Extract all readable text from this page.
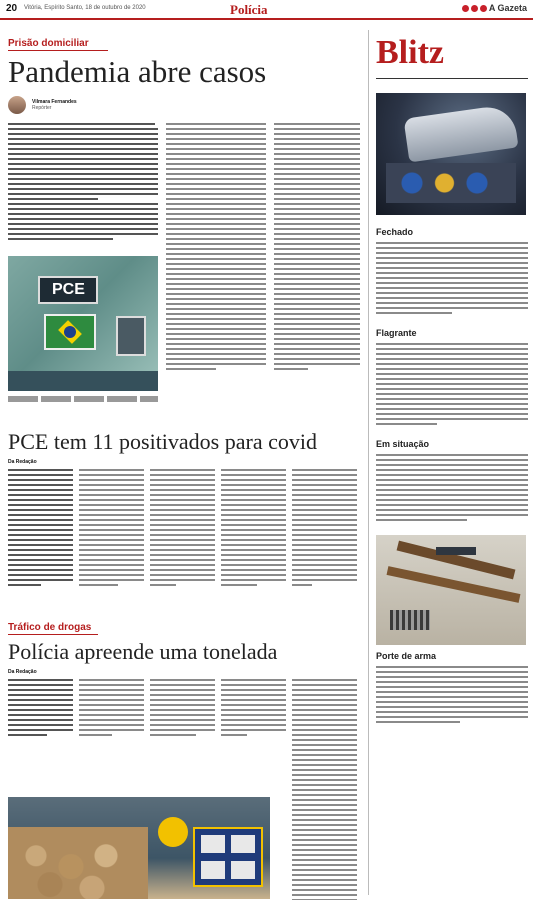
20 Vitória, Espírito Santo, 18 de outubro de 2020	Polícia	A Gazeta
Prisão domiciliar
Pandemia abre casos
Vilmara Fernandes
Repórter
PCE
PCE tem 11 positivados para covid
Da Redação
Tráfico de drogas
Polícia apreende uma tonelada
Da Redação
Blitz
Fechado
Flagrante
Em situação
Porte de arma
